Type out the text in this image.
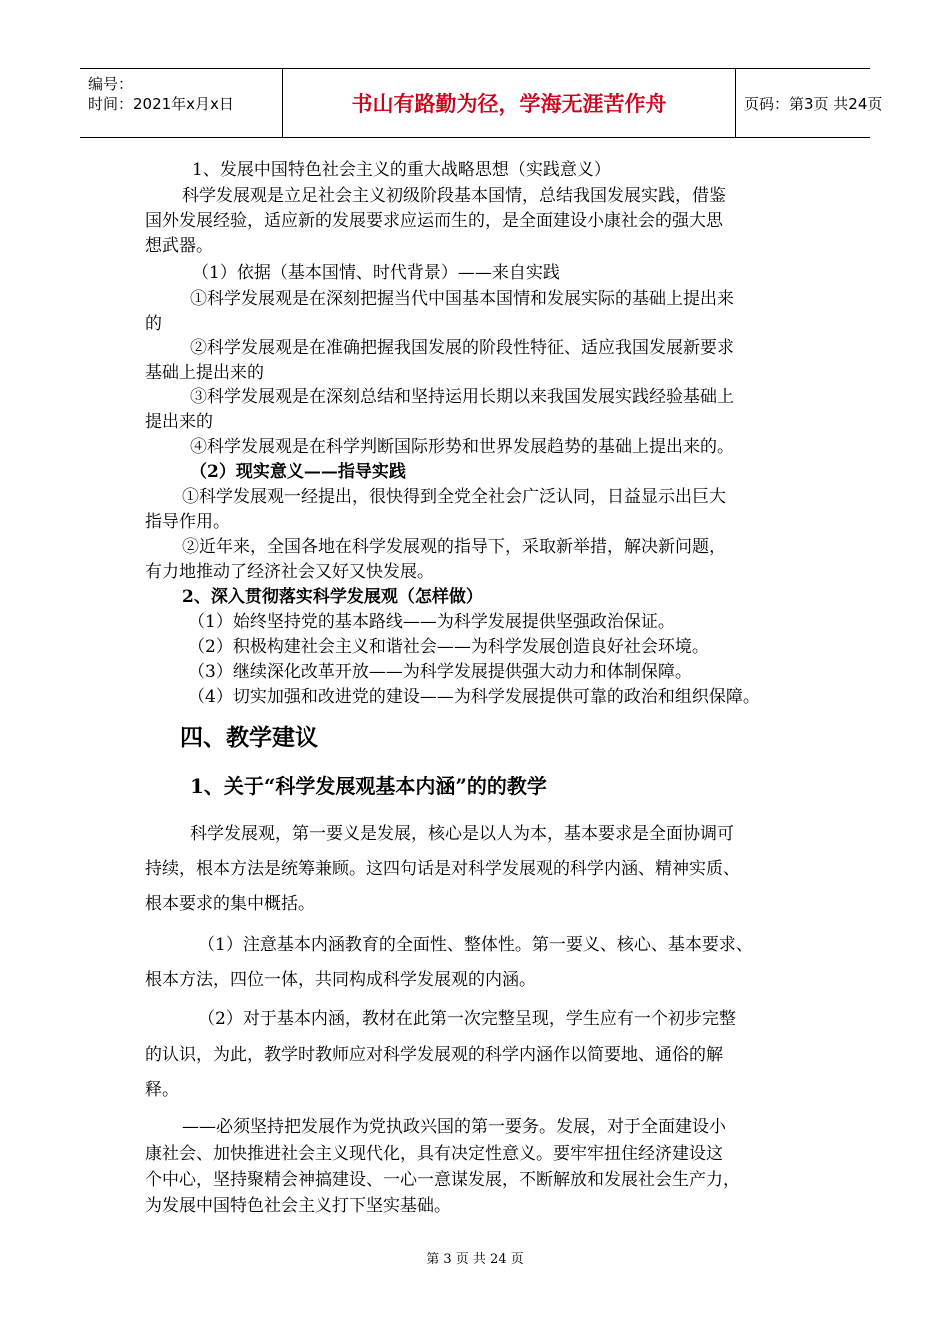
编号：
时间：2021年x月x日	书山有路勤为径，学海无涯苦作舟	页码：第3页 共24页
1、发展中国特色社会主义的重大战略思想（实践意义）
科学发展观是立足社会主义初级阶段基本国情，总结我国发展实践，借鉴
国外发展经验，适应新的发展要求应运而生的，是全面建设小康社会的强大思
想武器。
（1）依据（基本国情、时代背景）——来自实践
①科学发展观是在深刻把握当代中国基本国情和发展实际的基础上提出来
的
②科学发展观是在准确把握我国发展的阶段性特征、适应我国发展新要求
基础上提出来的
③科学发展观是在深刻总结和坚持运用长期以来我国发展实践经验基础上
提出来的
④科学发展观是在科学判断国际形势和世界发展趋势的基础上提出来的。
（2）现实意义——指导实践
①科学发展观一经提出，很快得到全党全社会广泛认同，日益显示出巨大
指导作用。
②近年来，全国各地在科学发展观的指导下，采取新举措，解决新问题，
有力地推动了经济社会又好又快发展。
2、深入贯彻落实科学发展观（怎样做）
（1）始终坚持党的基本路线——为科学发展提供坚强政治保证。
（2）积极构建社会主义和谐社会——为科学发展创造良好社会环境。
（3）继续深化改革开放——为科学发展提供强大动力和体制保障。
（4）切实加强和改进党的建设——为科学发展提供可靠的政治和组织保障。
四、教学建议
1、关于“科学发展观基本内涵”的的教学
科学发展观，第一要义是发展，核心是以人为本，基本要求是全面协调可
持续，根本方法是统筹兼顾。这四句话是对科学发展观的科学内涵、精神实质、
根本要求的集中概括。
（1）注意基本内涵教育的全面性、整体性。第一要义、核心、基本要求、
根本方法，四位一体，共同构成科学发展观的内涵。
（2）对于基本内涵，教材在此第一次完整呈现，学生应有一个初步完整
的认识，为此，教学时教师应对科学发展观的科学内涵作以简要地、通俗的解
释。
——必须坚持把发展作为党执政兴国的第一要务。发展，对于全面建设小
康社会、加快推进社会主义现代化，具有决定性意义。要牢牢扭住经济建设这
个中心，坚持聚精会神搞建设、一心一意谋发展，不断解放和发展社会生产力，
为发展中国特色社会主义打下坚实基础。
第 3 页 共 24 页
